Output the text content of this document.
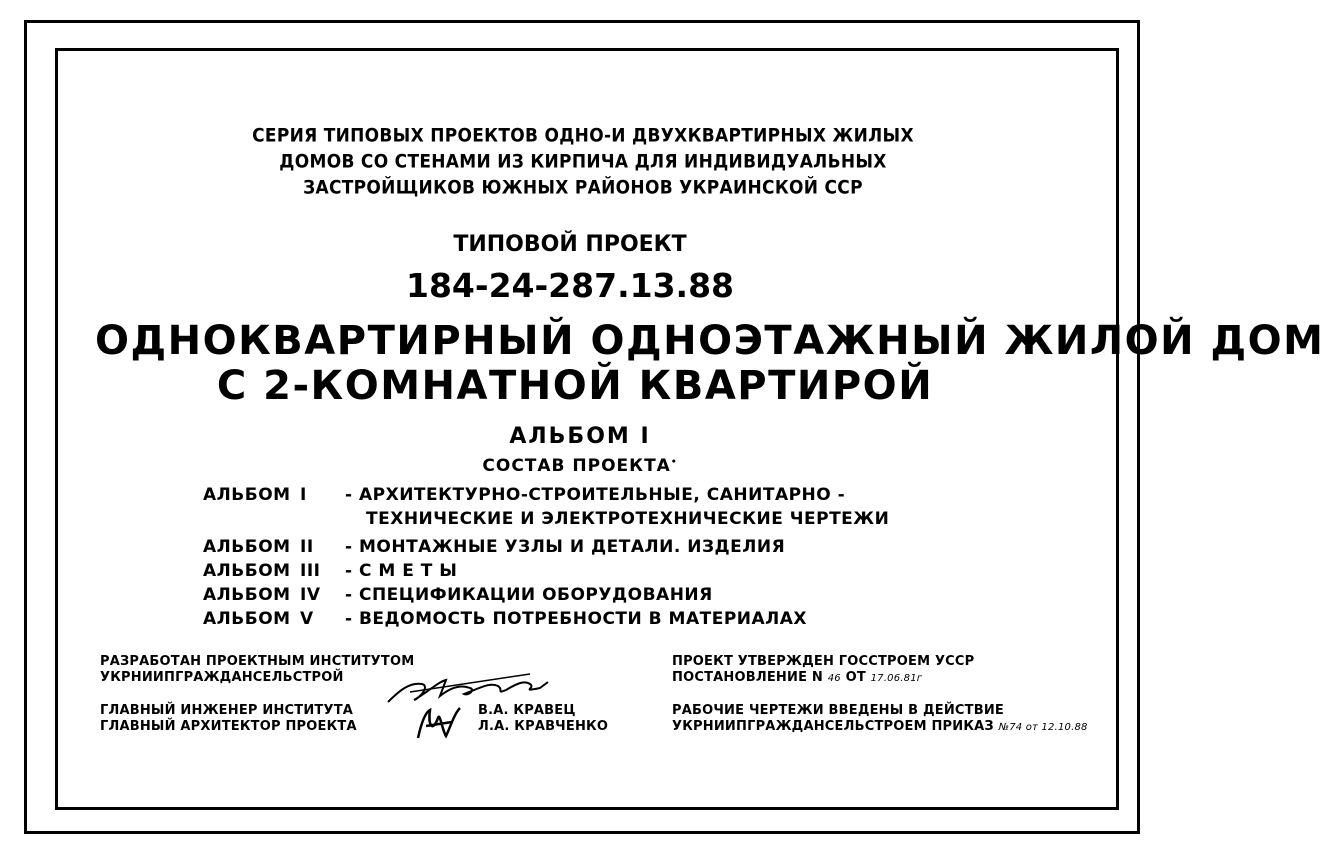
СЕРИЯ ТИПОВЫХ ПРОЕКТОВ ОДНО-И ДВУХКВАРТИРНЫХ ЖИЛЫХ
ДОМОВ СО СТЕНАМИ ИЗ КИРПИЧА ДЛЯ ИНДИВИДУАЛЬНЫХ
ЗАСТРОЙЩИКОВ ЮЖНЫХ РАЙОНОВ УКРАИНСКОЙ ССР
ТИПОВОЙ ПРОЕКТ
184-24-287.13.88
ОДНОКВАРТИРНЫЙ ОДНОЭТАЖНЫЙ ЖИЛОЙ ДОМ
С 2-КОМНАТНОЙ КВАРТИРОЙ
АЛЬБОМ I
СОСТАВ ПРОЕКТА•
АЛЬБОМ I - АРХИТЕКТУРНО-СТРОИТЕЛЬНЫЕ, САНИТАРНО -
ТЕХНИЧЕСКИЕ И ЭЛЕКТРОТЕХНИЧЕСКИЕ ЧЕРТЕЖИ
АЛЬБОМ II - МОНТАЖНЫЕ УЗЛЫ И ДЕТАЛИ. ИЗДЕЛИЯ
АЛЬБОМ III - С М Е Т Ы
АЛЬБОМ IV - СПЕЦИФИКАЦИИ ОБОРУДОВАНИЯ
АЛЬБОМ V - ВЕДОМОСТЬ ПОТРЕБНОСТИ В МАТЕРИАЛАХ
РАЗРАБОТАН ПРОЕКТНЫМ ИНСТИТУТОМ
УКРНИИПГРАЖДАНСЕЛЬСТРОЙ
ГЛАВНЫЙ ИНЖЕНЕР ИНСТИТУТА
ГЛАВНЫЙ АРХИТЕКТОР ПРОЕКТА
В.А. КРАВЕЦ
Л.А. КРАВЧЕНКО
ПРОЕКТ УТВЕРЖДЕН ГОССТРОЕМ УССР
ПОСТАНОВЛЕНИЕ N 46 ОТ 17.06.81г
РАБОЧИЕ ЧЕРТЕЖИ ВВЕДЕНЫ В ДЕЙСТВИЕ
УКРНИИПГРАЖДАНСЕЛЬСТРОЕМ ПРИКАЗ №74 от 12.10.88
